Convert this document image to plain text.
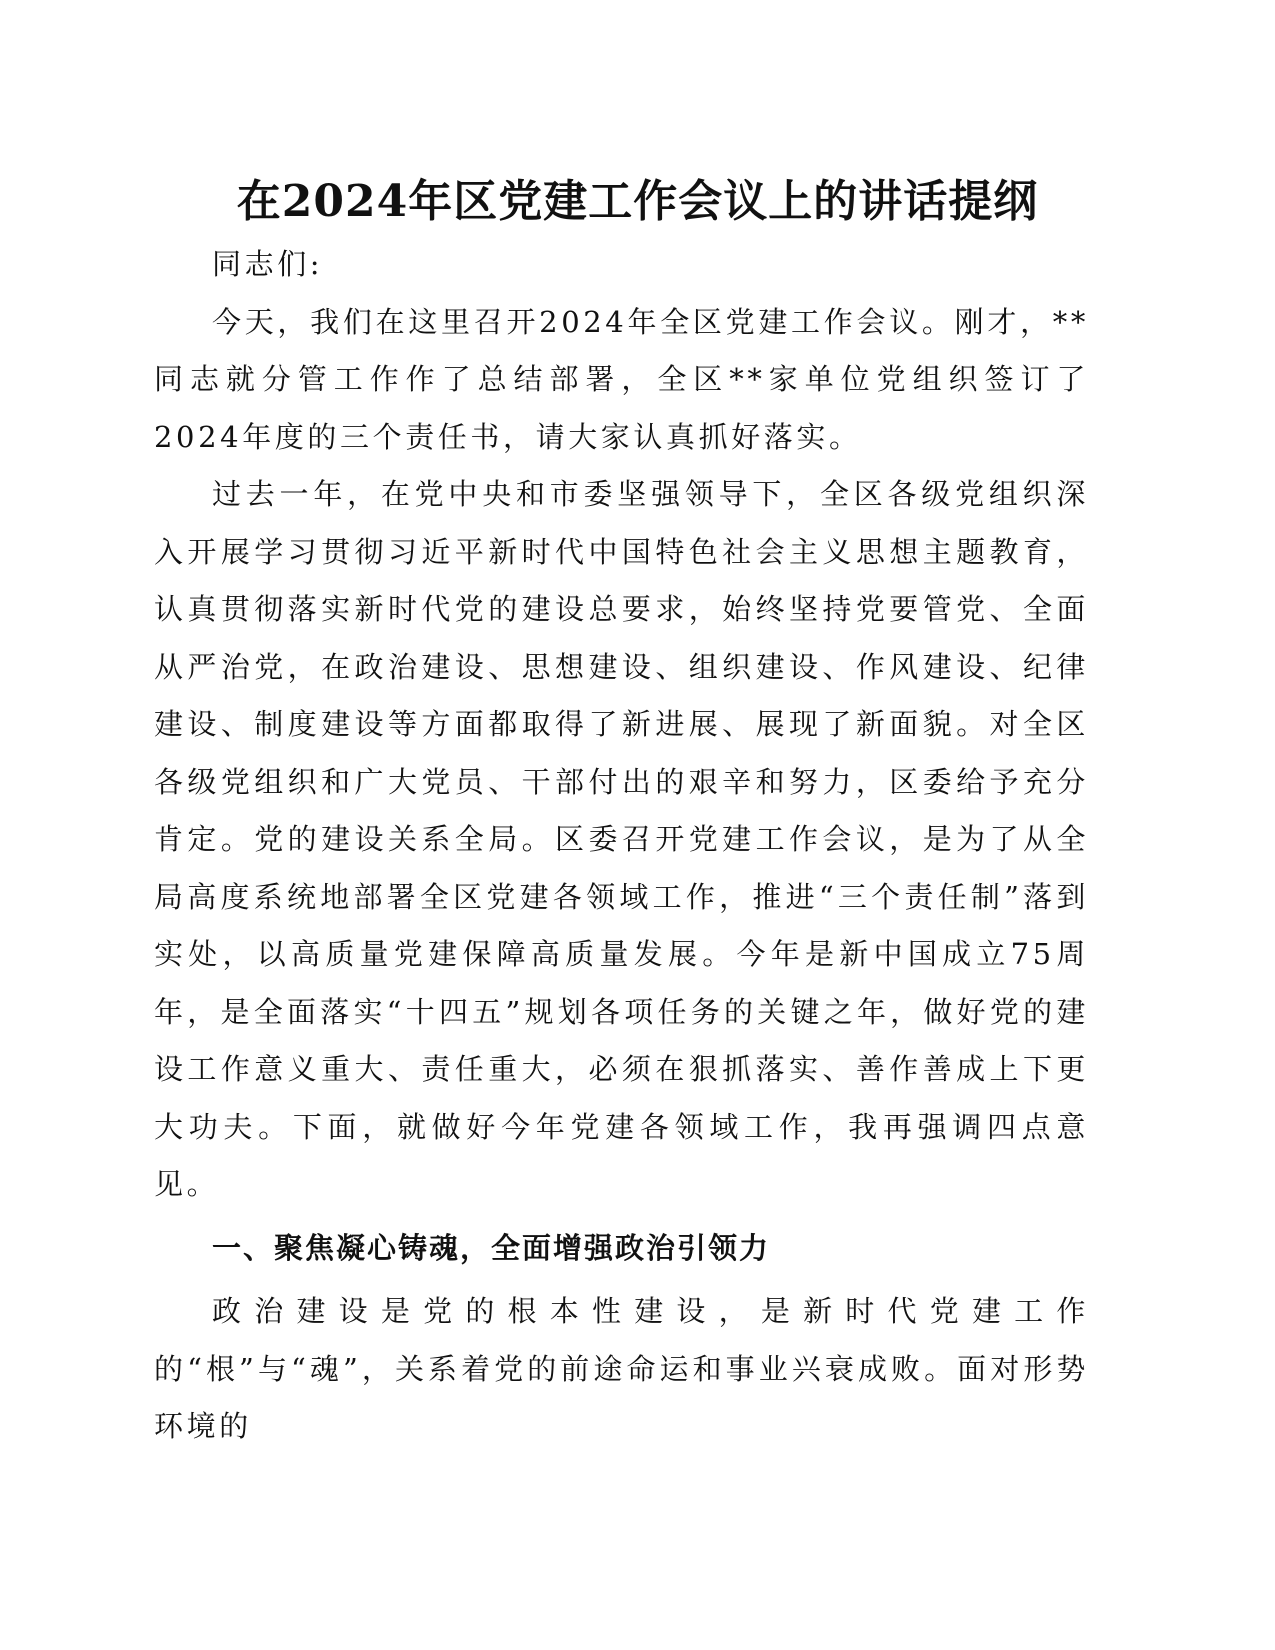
在2024年区党建工作会议上的讲话提纲

同志们:

今天，我们在这里召开2024年全区党建工作会议。刚才，**同志就分管工作作了总结部署，全区**家单位党组织签订了2024年度的三个责任书，请大家认真抓好落实。

过去一年，在党中央和市委坚强领导下，全区各级党组织深入开展学习贯彻习近平新时代中国特色社会主义思想主题教育，认真贯彻落实新时代党的建设总要求，始终坚持党要管党、全面从严治党，在政治建设、思想建设、组织建设、作风建设、纪律建设、制度建设等方面都取得了新进展、展现了新面貌。对全区各级党组织和广大党员、干部付出的艰辛和努力，区委给予充分肯定。党的建设关系全局。区委召开党建工作会议，是为了从全局高度系统地部署全区党建各领域工作，推进“三个责任制”落到实处，以高质量党建保障高质量发展。今年是新中国成立75周年，是全面落实“十四五”规划各项任务的关键之年，做好党的建设工作意义重大、责任重大，必须在狠抓落实、善作善成上下更大功夫。下面，就做好今年党建各领域工作，我再强调四点意见。

一、聚焦凝心铸魂，全面增强政治引领力

政治建设是党的根本性建设，是新时代党建工作的“根”与“魂”，关系着党的前途命运和事业兴衰成败。面对形势环境的
